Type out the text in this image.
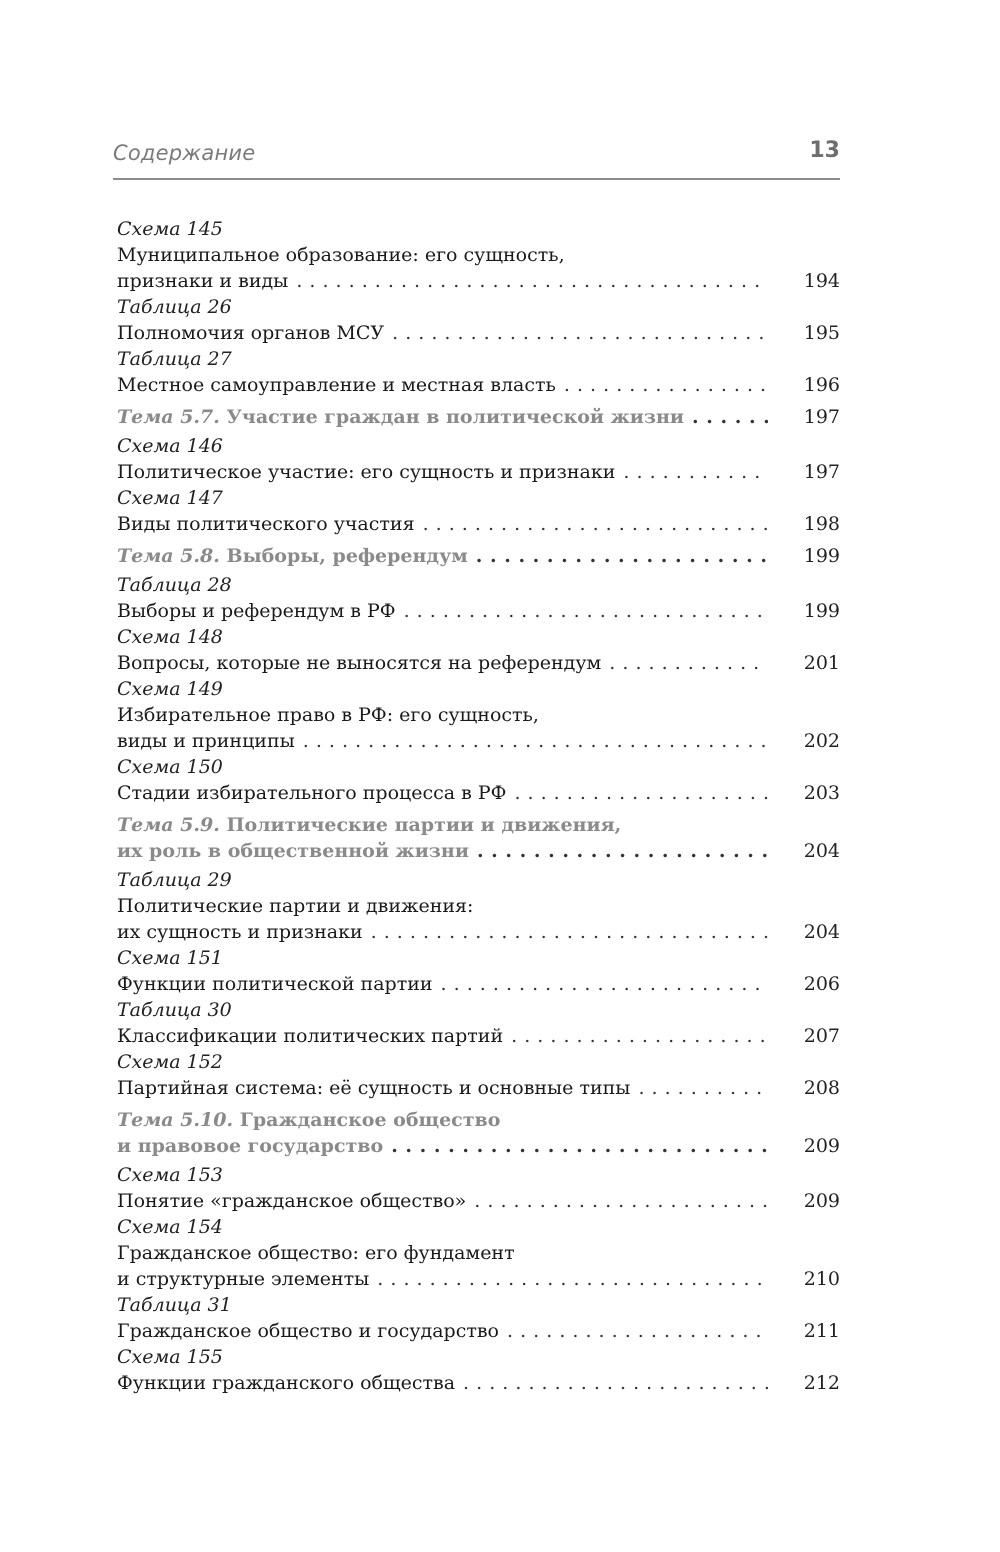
Содержание	13
Схема 145
Муниципальное образование: его сущность,
признаки и виды . . .	194
Таблица 26
Полномочия органов МСУ . . .	195
Таблица 27
Местное самоуправление и местная власть . . .	196
Тема 5.7.
Участие граждан в политической жизни . . .	197
Схема 146
Политическое участие: его сущность и признаки . . .	197
Схема 147
Виды политического участия . . .	198
Тема 5.8.
Выборы, референдум . . .	199
Таблица 28
Выборы и референдум в РФ . . .	199
Схема 148
Вопросы, которые не выносятся на референдум . . .	201
Схема 149
Избирательное право в РФ: его сущность,
виды и принципы . . .	202
Схема 150
Стадии избирательного процесса в РФ . . .	203
Тема 5.9. Политические партии и движения,
их роль в общественной жизни . . .	204
Таблица 29
Политические партии и движения:
их сущность и признаки . . .	204
Схема 151
Функции политической партии . . .	206
Таблица 30
Классификации политических партий . . .	207
Схема 152
Партийная система: её сущность и основные типы . . .	208
Тема 5.10. Гражданское общество
и правовое государство . . .	209
Схема 153
Понятие «гражданское общество» . . .	209
Схема 154
Гражданское общество: его фундамент
и структурные элементы . . .	210
Таблица 31
Гражданское общество и государство . . .	211
Схема 155
Функции гражданского общества . . .	212
